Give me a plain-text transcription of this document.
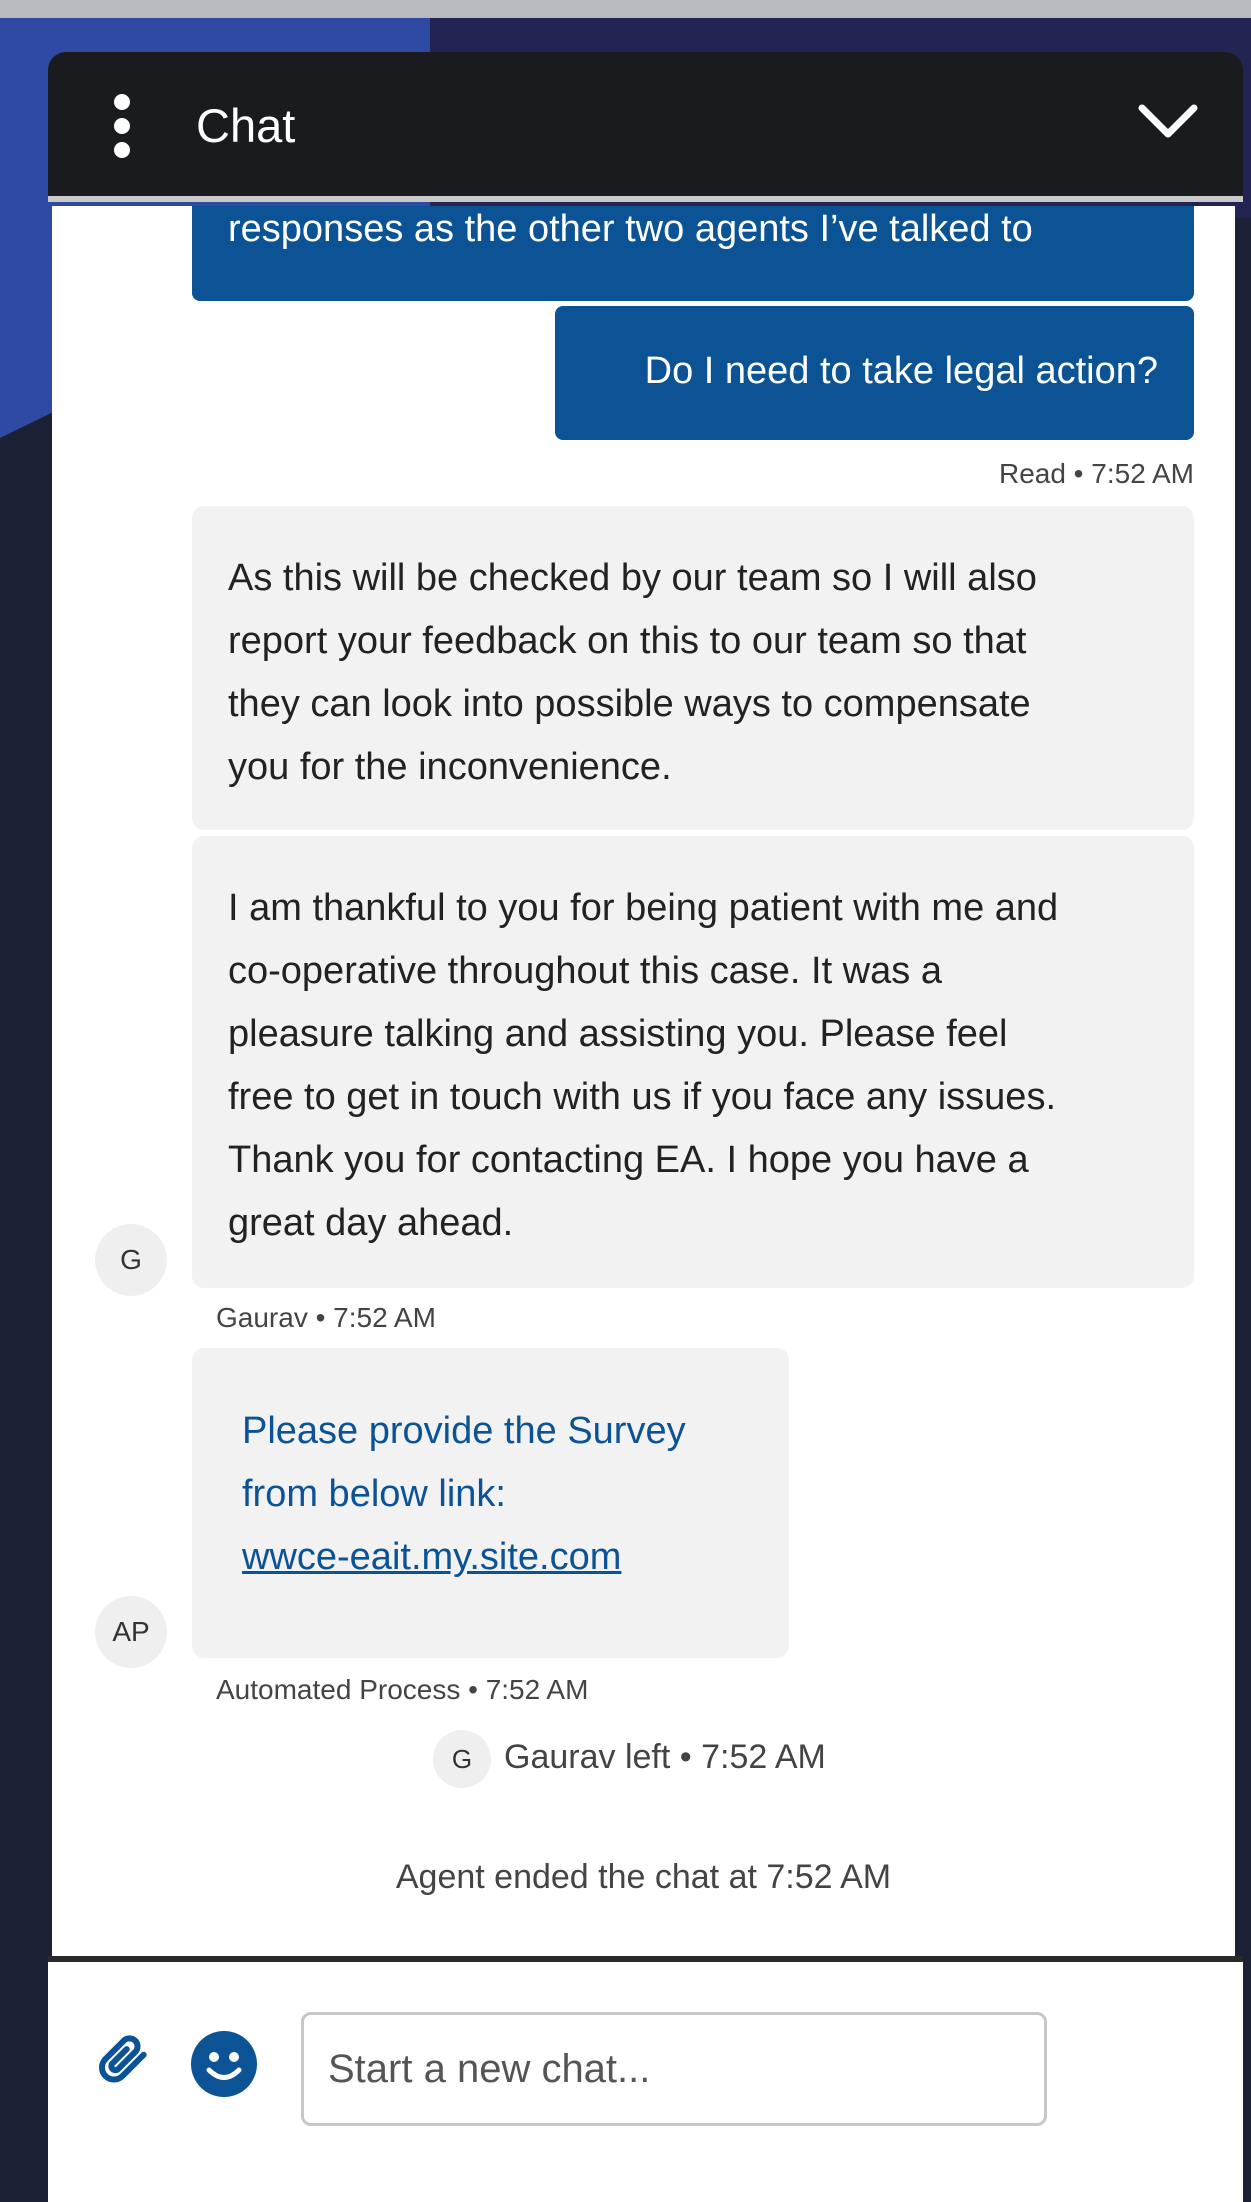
Chat
responses as the other two agents I’ve talked to
Do I need to take legal action?
Read • 7:52 AM
As this will be checked by our team so I will also
report your feedback on this to our team so that
they can look into possible ways to compensate
you for the inconvenience.
I am thankful to you for being patient with me and
co-operative throughout this case. It was a
pleasure talking and assisting you. Please feel
free to get in touch with us if you face any issues.
Thank you for contacting EA. I hope you have a
great day ahead.
G
Gaurav • 7:52 AM
Please provide the Survey
from below link:
wwce-eait.my.site.com
AP
Automated Process • 7:52 AM
G Gaurav left • 7:52 AM
Agent ended the chat at 7:52 AM
Start a new chat...
